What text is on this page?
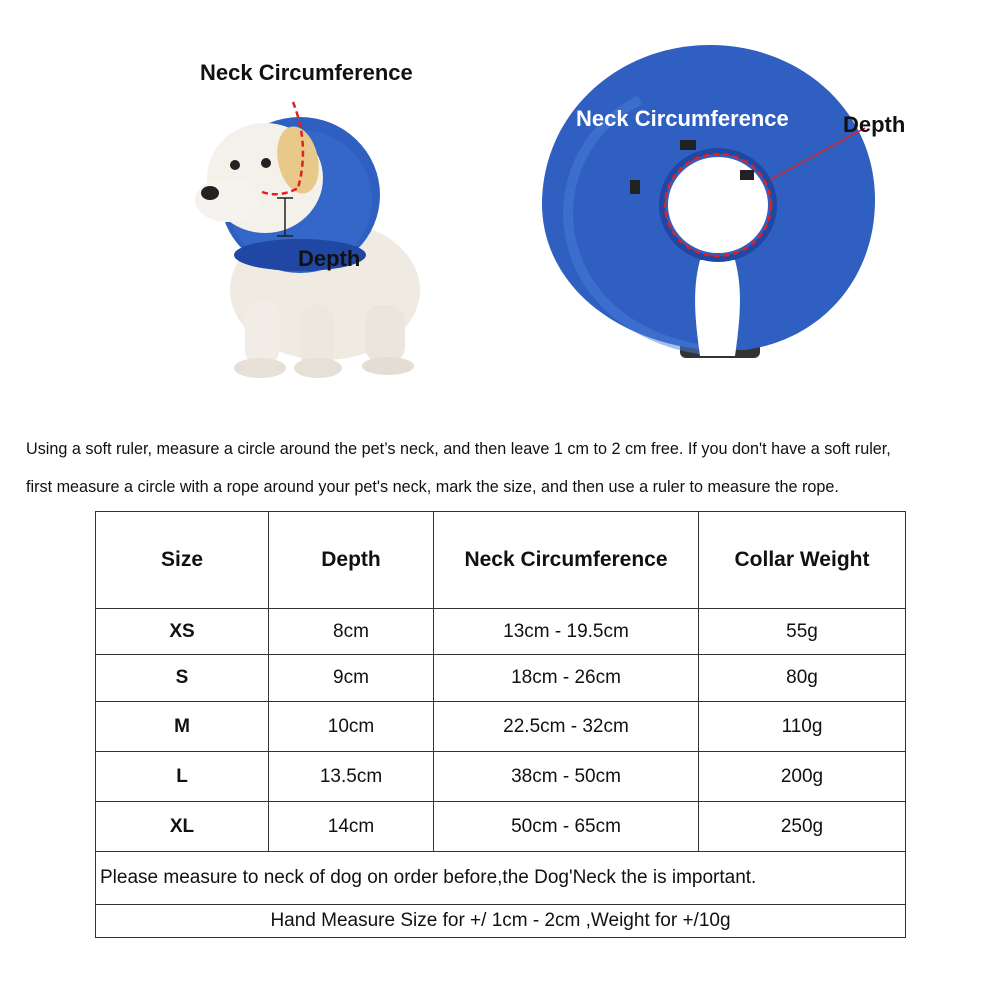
Neck Circumference
Depth
Neck Circumference Depth
Using a soft ruler, measure a circle around the pet’s neck, and then leave 1 cm to 2 cm free. If you don't have a soft ruler,
first measure a circle with a rope around your pet's neck, mark the size, and then use a ruler to measure the rope.
Size	Depth	Neck Circumference	Collar Weight
XS	8cm	13cm - 19.5cm	55g
S	9cm	18cm - 26cm	80g
M	10cm	22.5cm - 32cm	110g
L	13.5cm	38cm - 50cm	200g
XL	14cm	50cm - 65cm	250g
Please measure to neck of dog on order before,the Dog'Neck the is important.			
Hand Measure Size for +/ 1cm - 2cm ,Weight for +/10g			
